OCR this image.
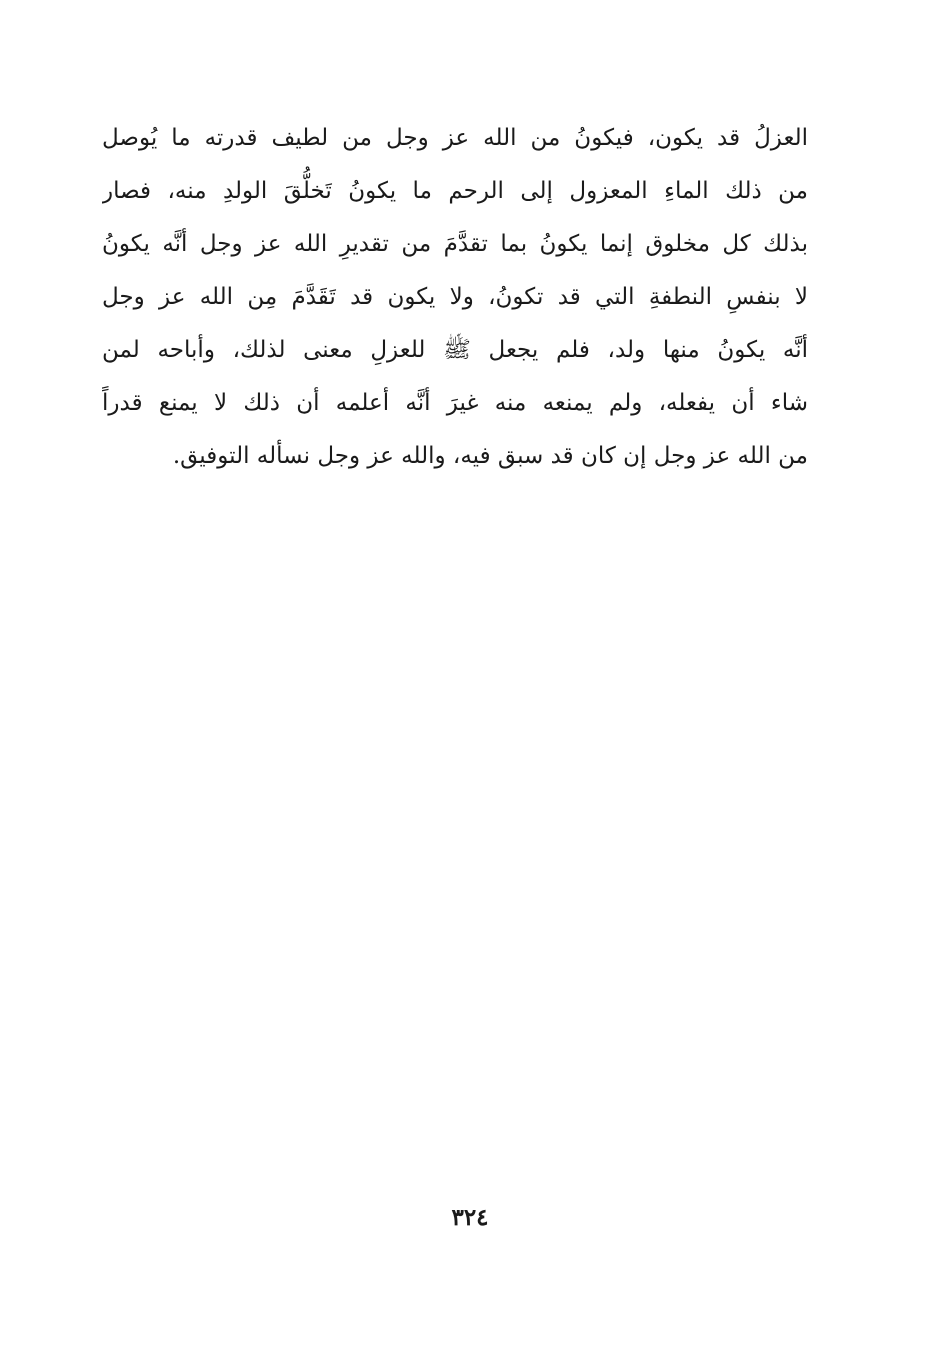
العزلُ قد يكون، فيكونُ من الله عز وجل من لطيف قدرته ما يُوصل
من ذلك الماءِ المعزول إلى الرحم ما يكونُ تَخلُّقَ الولدِ منه، فصار
بذلك كل مخلوق إنما يكونُ بما تقدَّمَ من تقديرِ الله عز وجل أنَّه يكونُ
لا بنفسِ النطفةِ التي قد تكونُ، ولا يكون قد تَقَدَّمَ مِن الله عز وجل
أنَّه يكونُ منها ولد، فلم يجعل ﷺ للعزلِ معنى لذلك، وأباحه لمن
شاء أن يفعله، ولم يمنعه منه غيرَ أنَّه أعلمه أن ذلك لا يمنع قدراً
من الله عز وجل إن كان قد سبق فيه، والله عز وجل نسأله التوفيق.
٣٢٤
